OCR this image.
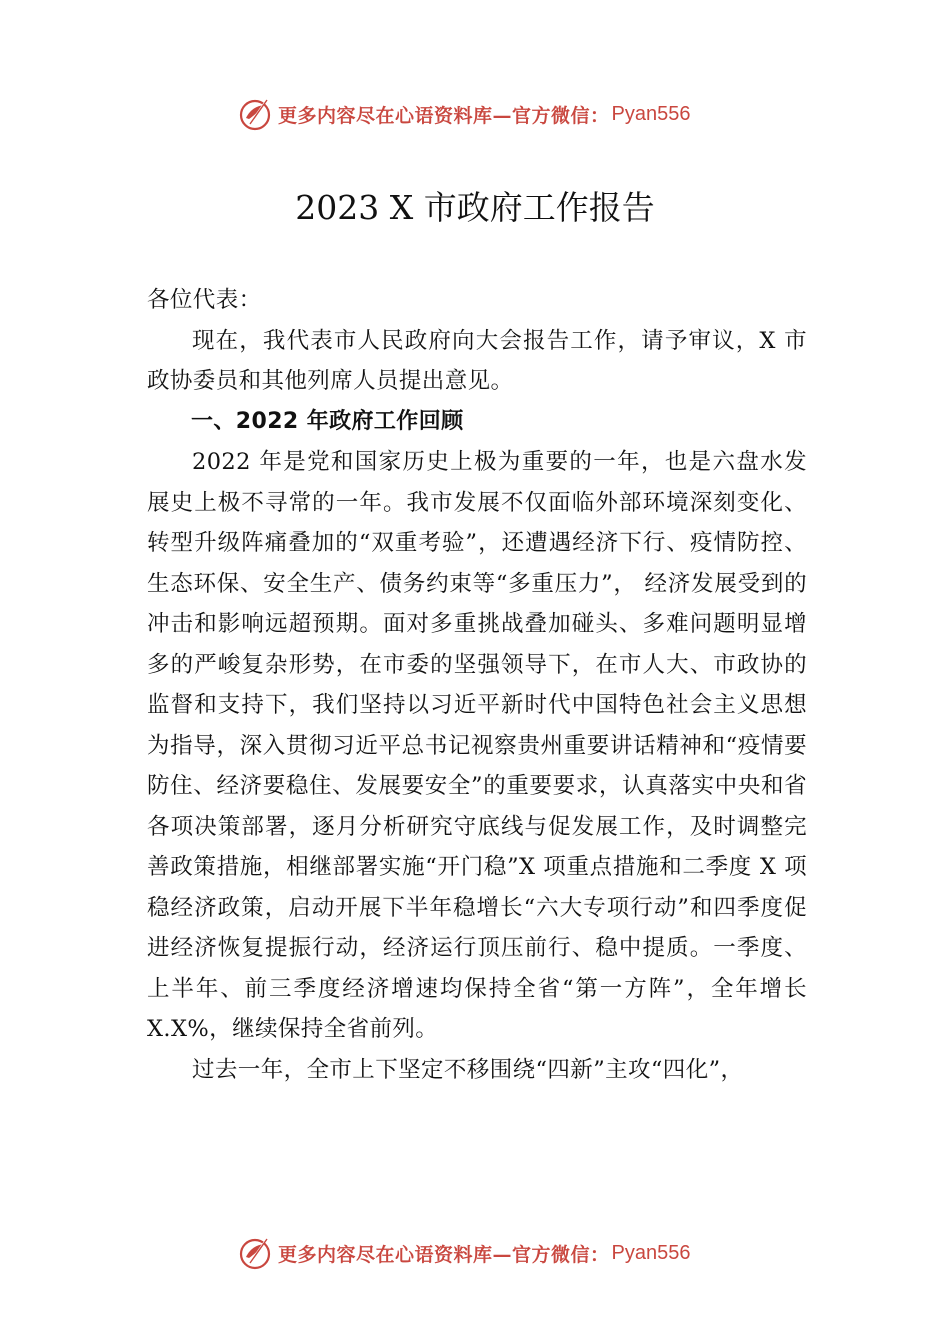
更多内容尽在心语资料库—官方微信： Pyan556
2023 X 市政府工作报告

各位代表：

现在，我代表市人民政府向大会报告工作，请予审议，X 市政协委员和其他列席人员提出意见。

一、2022 年政府工作回顾

2022 年是党和国家历史上极为重要的一年，也是六盘水发展史上极不寻常的一年。我市发展不仅面临外部环境深刻变化、转型升级阵痛叠加的“双重考验”，还遭遇经济下行、疫情防控、生态环保、安全生产、债务约束等“多重压力”， 经济发展受到的冲击和影响远超预期。面对多重挑战叠加碰头、多难问题明显增多的严峻复杂形势，在市委的坚强领导下，在市人大、市政协的监督和支持下，我们坚持以习近平新时代中国特色社会主义思想为指导，深入贯彻习近平总书记视察贵州重要讲话精神和“疫情要防住、经济要稳住、发展要安全”的重要要求，认真落实中央和省各项决策部署，逐月分析研究守底线与促发展工作，及时调整完善政策措施，相继部署实施“开门稳”X 项重点措施和二季度 X 项稳经济政策，启动开展下半年稳增长“六大专项行动”和四季度促进经济恢复提振行动，经济运行顶压前行、稳中提质。一季度、 上半年、前三季度经济增速均保持全省“第一方阵”，全年增长 X.X%，继续保持全省前列。

过去一年，全市上下坚定不移围绕“四新”主攻“四化”，

更多内容尽在心语资料库—官方微信： Pyan556
